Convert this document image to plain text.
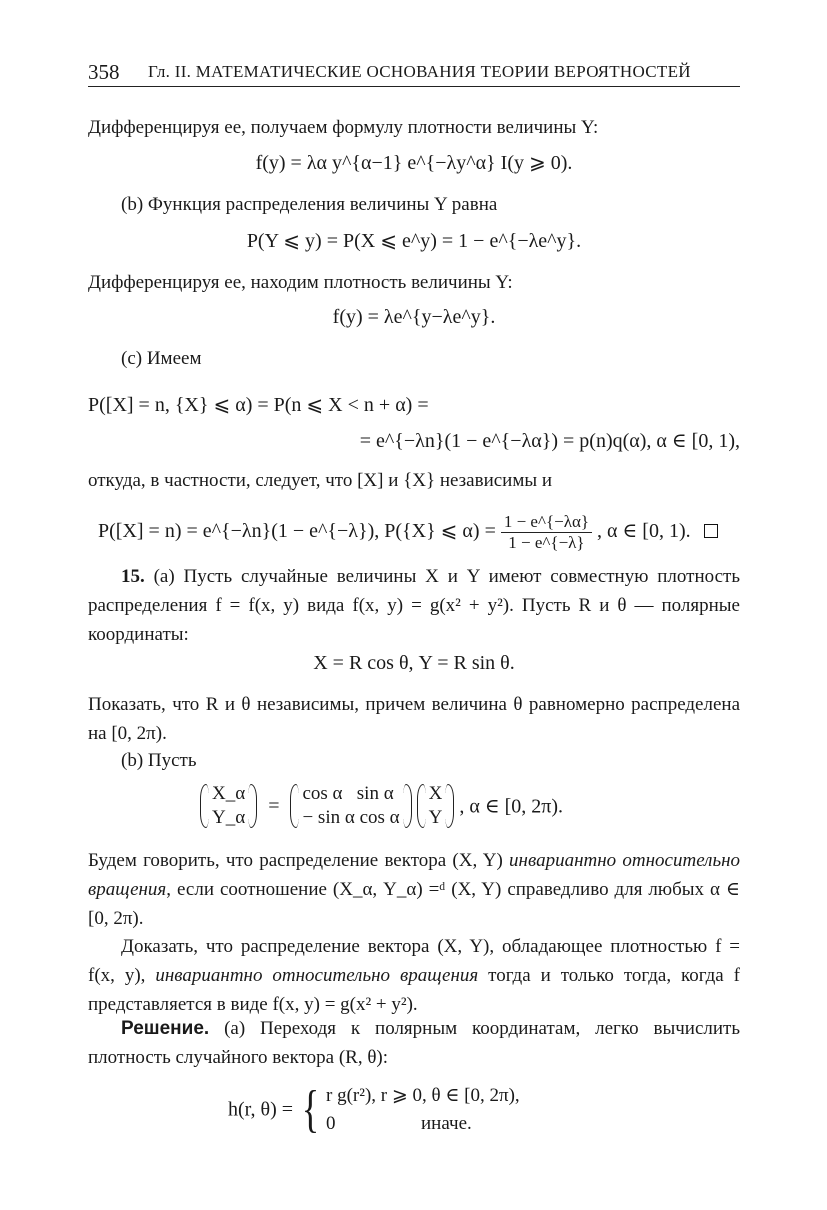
358 Гл. II. МАТЕМАТИЧЕСКИЕ ОСНОВАНИЯ ТЕОРИИ ВЕРОЯТНОСТЕЙ
Дифференцируя ее, получаем формулу плотности величины Y:
f(y) = λα y^{α−1} e^{−λy^α} I(y ⩾ 0).
(b) Функция распределения величины Y равна
P(Y ⩽ y) = P(X ⩽ e^y) = 1 − e^{−λe^y}.
Дифференцируя ее, находим плотность величины Y:
f(y) = λe^{y−λe^y}.
(c) Имеем
P([X] = n, {X} ⩽ α) = P(n ⩽ X < n + α) =
= e^{−λn}(1 − e^{−λα}) = p(n)q(α), α ∈ [0, 1),
откуда, в частности, следует, что [X] и {X} независимы и
P([X] = n) = e^{−λn}(1 − e^{−λ}), P({X} ⩽ $\alpha) = \frac{1 - e\^{}\{-\lambda\alpha\}}{1 - e\^{}\{-\lambda\}}$ , α ∈ [0, 1).
15. (a) Пусть случайные величины X и Y имеют совместную плотность распределения f = f(x, y) вида f(x, y) = g(x² + y²). Пусть R и θ — полярные координаты:
X = R cos θ, Y = R sin θ.
Показать, что R и θ независимы, причем величина θ равномерно распределена на [0, 2π).
(b) Пусть
X_α
Y_α
=
cos α sin α
− sin α cos α

X
Y , α ∈ [0, 2π).
Будем говорить, что распределение вектора (X, Y) инвариантно относительно вращения, если соотношение (X_α, Y_α) =ᵈ (X, Y) справедливо для любых α ∈ [0, 2π).
Доказать, что распределение вектора (X, Y), обладающее плотностью f = f(x, y), инвариантно относительно вращения тогда и только тогда, когда f представляется в виде f(x, y) = g(x² + y²).
Решение. (a) Переходя к полярным координатам, легко вычислить плотность случайного вектора (R, θ):
h(r, θ) = { r g(r²), r ⩾ 0, θ ∈ [0, 2π),
0                  иначе.
